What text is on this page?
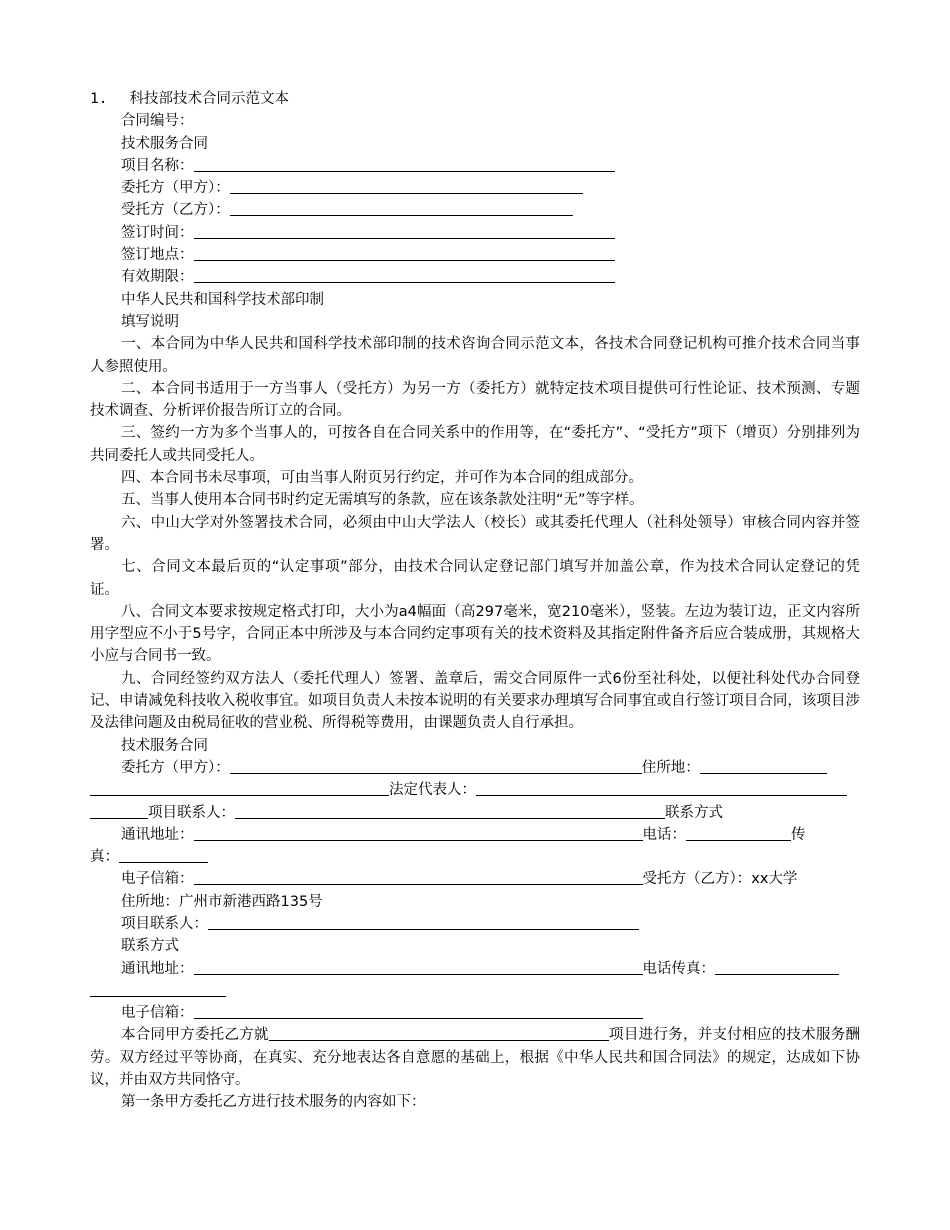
1. 科技部技术合同示范文本
合同编号：
技术服务合同
项目名称：
委托方（甲方）：
受托方（乙方）：
签订时间：
签订地点：
有效期限：
中华人民共和国科学技术部印制
填写说明
一、本合同为中华人民共和国科学技术部印制的技术咨询合同示范文本，各技术合同登记机构可推介技术合同当事人参照使用。
二、本合同书适用于一方当事人（受托方）为另一方（委托方）就特定技术项目提供可行性论证、技术预测、专题技术调查、分析评价报告所订立的合同。
三、签约一方为多个当事人的，可按各自在合同关系中的作用等，在“委托方”、“受托方”项下（增页）分别排列为共同委托人或共同受托人。
四、本合同书未尽事项，可由当事人附页另行约定，并可作为本合同的组成部分。
五、当事人使用本合同书时约定无需填写的条款，应在该条款处注明“无”等字样。
六、中山大学对外签署技术合同，必须由中山大学法人（校长）或其委托代理人（社科处领导）审核合同内容并签署。
七、合同文本最后页的“认定事项”部分，由技术合同认定登记部门填写并加盖公章，作为技术合同认定登记的凭证。
八、合同文本要求按规定格式打印，大小为a4幅面（高297毫米，宽210毫米），竖装。左边为装订边，正文内容所用字型应不小于5号字，合同正本中所涉及与本合同约定事项有关的技术资料及其指定附件备齐后应合装成册，其规格大小应与合同书一致。
九、合同经签约双方法人（委托代理人）签署、盖章后，需交合同原件一式6份至社科处，以便社科处代办合同登记、申请减免科技收入税收事宜。如项目负责人未按本说明的有关要求办理填写合同事宜或自行签订项目合同，该项目涉及法律问题及由税局征收的营业税、所得税等费用，由课题负责人自行承担。
技术服务合同
委托方（甲方）：	住所地：
法定代表人：
项目联系人：	联系方式
通讯地址：	电话：	传
真：
电子信箱：	受托方（乙方）：xx大学
住所地：广州市新港西路135号
项目联系人：
联系方式
通讯地址：	电话传真：
电子信箱：
本合同甲方委托乙方就	项目进行务，并支付相应的技术服务酬劳。双方经过平等协商，在真实、充分地表达各自意愿的基础上，根据《中华人民共和国合同法》的规定，达成如下协议，并由双方共同恪守。
第一条甲方委托乙方进行技术服务的内容如下：
